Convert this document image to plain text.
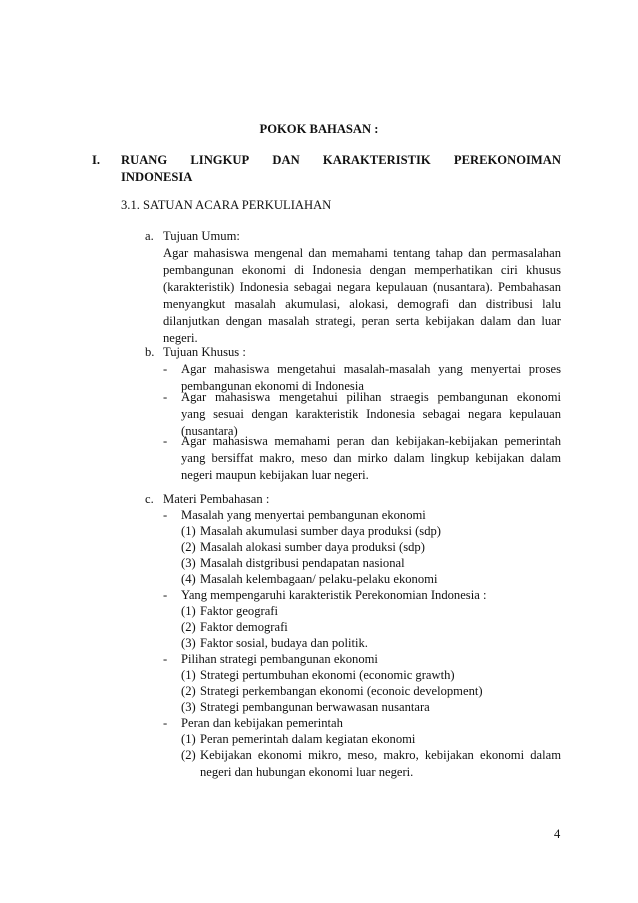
POKOK BAHASAN :
I. RUANG LINGKUP DAN KARAKTERISTIK PEREKONOIMAN
INDONESIA
3.1. SATUAN ACARA PERKULIAHAN
a. Tujuan Umum:
Agar mahasiswa mengenal dan memahami tentang tahap dan permasalahan
pembangunan ekonomi di Indonesia dengan memperhatikan ciri khusus
(karakteristik) Indonesia sebagai negara kepulauan (nusantara). Pembahasan
menyangkut masalah akumulasi, alokasi, demografi dan distribusi lalu
dilanjutkan dengan masalah strategi, peran serta kebijakan dalam dan luar
negeri.
b. Tujuan Khusus :
- Agar mahasiswa mengetahui masalah-masalah yang menyertai proses
pembangunan ekonomi di Indonesia
- Agar mahasiswa mengetahui pilihan straegis pembangunan ekonomi
yang sesuai dengan karakteristik Indonesia sebagai negara kepulauan
(nusantara)
- Agar mahasiswa memahami peran dan kebijakan-kebijakan pemerintah
yang bersiffat makro, meso dan mirko dalam lingkup kebijakan dalam
negeri maupun kebijakan luar negeri.
c. Materi Pembahasan :
- Masalah yang menyertai pembangunan ekonomi
(1) Masalah akumulasi sumber daya produksi (sdp)
(2) Masalah alokasi sumber daya produksi (sdp)
(3) Masalah distgribusi pendapatan nasional
(4) Masalah kelembagaan/ pelaku-pelaku ekonomi
- Yang mempengaruhi karakteristik Perekonomian Indonesia :
(1) Faktor geografi
(2) Faktor demografi
(3) Faktor sosial, budaya dan politik.
- Pilihan strategi pembangunan ekonomi
(1) Strategi pertumbuhan ekonomi (economic grawth)
(2) Strategi perkembangan ekonomi (econoic development)
(3) Strategi pembangunan berwawasan nusantara
- Peran dan kebijakan pemerintah
(1) Peran pemerintah dalam kegiatan ekonomi
(2) Kebijakan ekonomi mikro, meso, makro, kebijakan ekonomi dalam
negeri dan hubungan ekonomi luar negeri.
4
